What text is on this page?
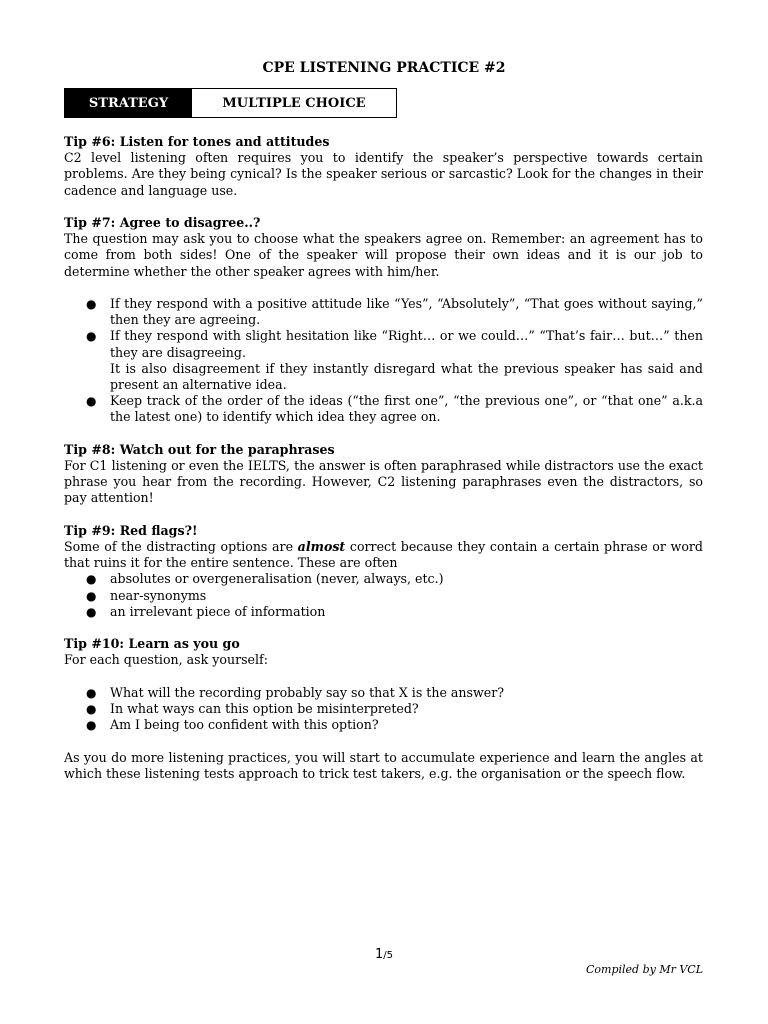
CPE LISTENING PRACTICE #2
STRATEGY	MULTIPLE CHOICE
Tip #6: Listen for tones and attitudes
C2 level listening often requires you to identify the speaker’s perspective towards certain problems. Are they being cynical? Is the speaker serious or sarcastic? Look for the changes in their cadence and language use.
Tip #7: Agree to disagree..?
The question may ask you to choose what the speakers agree on. Remember: an agreement has to come from both sides! One of the speaker will propose their own ideas and it is our job to determine whether the other speaker agrees with him/her.
● If they respond with a positive attitude like “Yes”, “Absolutely”, “That goes without saying,” then they are agreeing.
● If they respond with slight hesitation like “Right… or we could…” “That’s fair… but…” then they are disagreeing.
It is also disagreement if they instantly disregard what the previous speaker has said and present an alternative idea.
● Keep track of the order of the ideas (“the first one”, “the previous one”, or “that one” a.k.a the latest one) to identify which idea they agree on.
Tip #8: Watch out for the paraphrases
For C1 listening or even the IELTS, the answer is often paraphrased while distractors use the exact phrase you hear from the recording. However, C2 listening paraphrases even the distractors, so pay attention!
Tip #9: Red flags?!
Some of the distracting options are almost correct because they contain a certain phrase or word that ruins it for the entire sentence. These are often
● absolutes or overgeneralisation (never, always, etc.)
● near-synonyms
● an irrelevant piece of information
Tip #10: Learn as you go
For each question, ask yourself:
● What will the recording probably say so that X is the answer?
● In what ways can this option be misinterpreted?
● Am I being too confident with this option?
As you do more listening practices, you will start to accumulate experience and learn the angles at which these listening tests approach to trick test takers, e.g. the organisation or the speech flow.
1/5
Compiled by Mr VCL
